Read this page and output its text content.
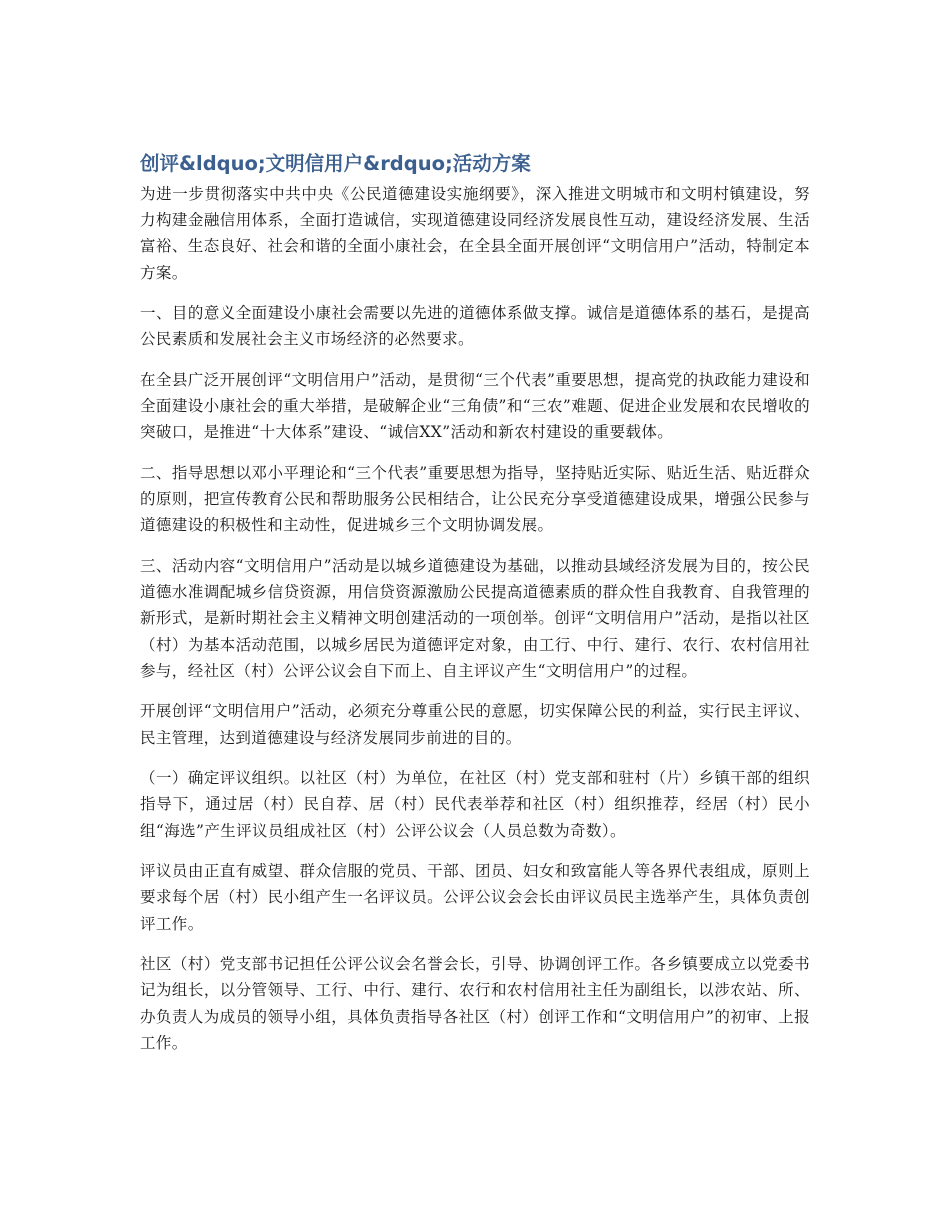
创评&ldquo;文明信用户&rdquo;活动方案

为进一步贯彻落实中共中央《公民道德建设实施纲要》，深入推进文明城市和文明村镇建设，努力构建金融信用体系，全面打造诚信，实现道德建设同经济发展良性互动，建设经济发展、生活富裕、生态良好、社会和谐的全面小康社会，在全县全面开展创评“文明信用户”活动，特制定本方案。

一、目的意义全面建设小康社会需要以先进的道德体系做支撑。诚信是道德体系的基石，是提高公民素质和发展社会主义市场经济的必然要求。

在全县广泛开展创评“文明信用户”活动，是贯彻“三个代表”重要思想，提高党的执政能力建设和全面建设小康社会的重大举措，是破解企业“三角债”和“三农”难题、促进企业发展和农民增收的突破口，是推进“十大体系”建设、“诚信XX”活动和新农村建设的重要载体。

二、指导思想以邓小平理论和“三个代表”重要思想为指导，坚持贴近实际、贴近生活、贴近群众的原则，把宣传教育公民和帮助服务公民相结合，让公民充分享受道德建设成果，增强公民参与道德建设的积极性和主动性，促进城乡三个文明协调发展。

三、活动内容“文明信用户”活动是以城乡道德建设为基础，以推动县域经济发展为目的，按公民道德水准调配城乡信贷资源，用信贷资源激励公民提高道德素质的群众性自我教育、自我管理的新形式，是新时期社会主义精神文明创建活动的一项创举。创评“文明信用户”活动，是指以社区（村）为基本活动范围，以城乡居民为道德评定对象，由工行、中行、建行、农行、农村信用社参与，经社区（村）公评公议会自下而上、自主评议产生“文明信用户”的过程。

开展创评“文明信用户”活动，必须充分尊重公民的意愿，切实保障公民的利益，实行民主评议、民主管理，达到道德建设与经济发展同步前进的目的。

（一）确定评议组织。以社区（村）为单位，在社区（村）党支部和驻村（片）乡镇干部的组织指导下，通过居（村）民自荐、居（村）民代表举荐和社区（村）组织推荐，经居（村）民小组“海选”产生评议员组成社区（村）公评公议会（人员总数为奇数）。

评议员由正直有威望、群众信服的党员、干部、团员、妇女和致富能人等各界代表组成，原则上要求每个居（村）民小组产生一名评议员。公评公议会会长由评议员民主选举产生，具体负责创评工作。

社区（村）党支部书记担任公评公议会名誉会长，引导、协调创评工作。各乡镇要成立以党委书记为组长，以分管领导、工行、中行、建行、农行和农村信用社主任为副组长，以涉农站、所、办负责人为成员的领导小组，具体负责指导各社区（村）创评工作和“文明信用户”的初审、上报工作。
